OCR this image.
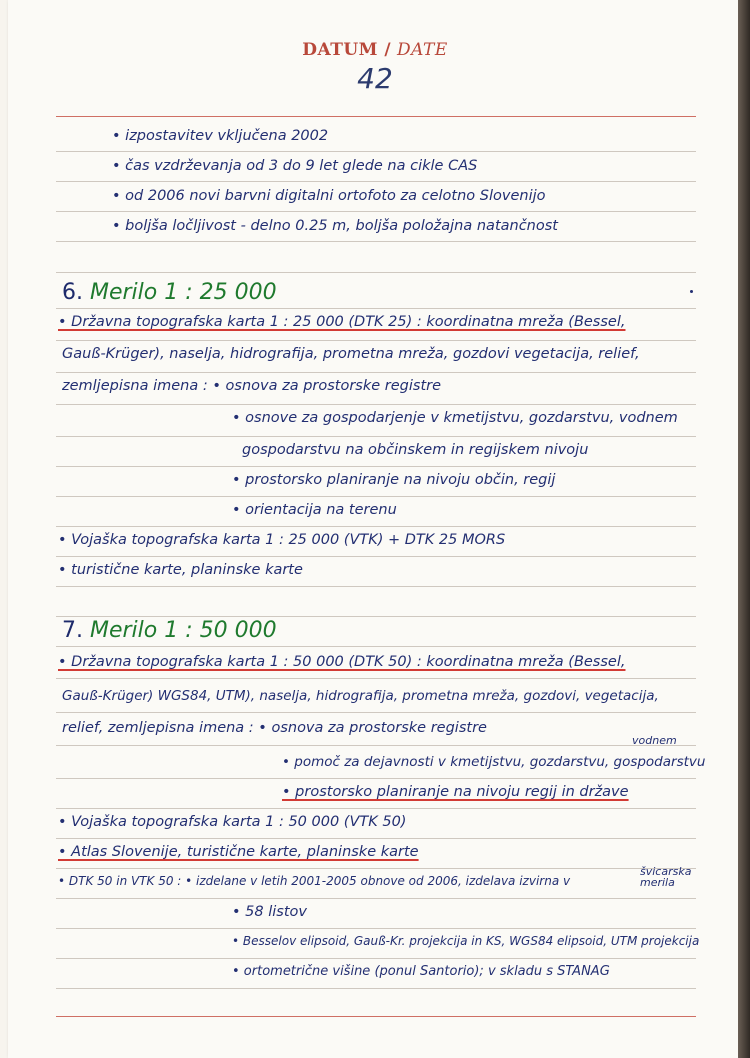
DATUM / DATE
42
• izpostavitev vključena 2002
• čas vzdrževanja od 3 do 9 let glede na cikle CAS
• od 2006 novi barvni digitalni ortofoto za celotno Slovenijo
• boljša ločljivost - delno 0.25 m, boljša položajna natančnost
6. Merilo 1 : 25 000
• Državna topografska karta 1 : 25 000 (DTK 25) : koordinatna mreža (Bessel,
Gauß-Krüger), naselja, hidrografija, prometna mreža, gozdovi vegetacija, relief,
zemljepisna imena : • osnova za prostorske registre
• osnove za gospodarjenje v kmetijstvu, gozdarstvu, vodnem
gospodarstvu na občinskem in regijskem nivoju
• prostorsko planiranje na nivoju občin, regij
• orientacija na terenu
• Vojaška topografska karta 1 : 25 000 (VTK) + DTK 25 MORS
• turistične karte, planinske karte
7. Merilo 1 : 50 000
• Državna topografska karta 1 : 50 000 (DTK 50) : koordinatna mreža (Bessel,
Gauß-Krüger) WGS84, UTM), naselja, hidrografija, prometna mreža, gozdovi, vegetacija,
relief, zemljepisna imena : • osnova za prostorske registre
• pomoč za dejavnosti v kmetijstvu, gozdarstvu, gospodarstvu
vodnem
• prostorsko planiranje na nivoju regij in države
• Vojaška topografska karta 1 : 50 000 (VTK 50)
• Atlas Slovenije, turistične karte, planinske karte
• DTK 50 in VTK 50 : • izdelane v letih 2001-2005 obnove od 2006, izdelava izvirna v
švicarska merila
• 58 listov
• Besselov elipsoid, Gauß-Kr. projekcija in KS, WGS84 elipsoid, UTM projekcija
• ortometrične višine (ponul Santorio); v skladu s STANAG
